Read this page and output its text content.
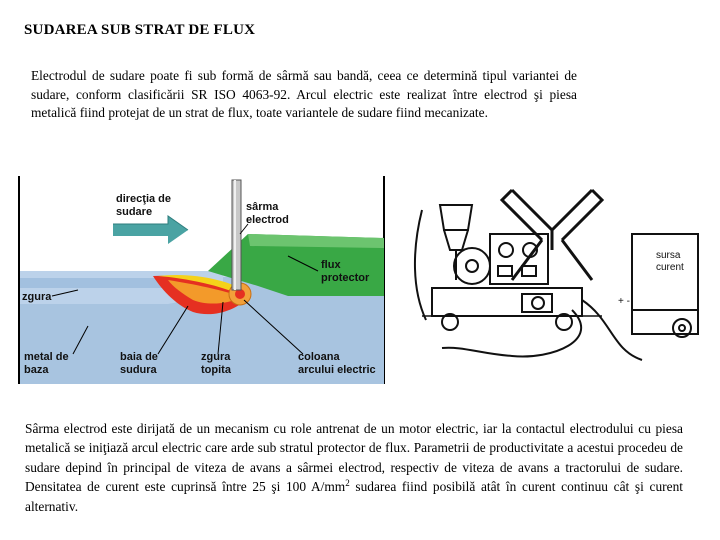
SUDAREA SUB STRAT DE FLUX
Electrodul de sudare poate fi sub formă de sârmă sau bandă, ceea ce determină tipul variantei de sudare, conform clasificării SR ISO 4063-92. Arcul electric este realizat între electrod şi piesa metalică fiind protejat de un strat de flux, toate variantele de sudare fiind mecanizate.
direcţia de
sudare	sârma
electrod
flux
protector
zgura
metal de
baza
baia de
sudura
zgura
topita
coloana
arcului electric
sursa
curent
+ -
Sârma electrod este dirijată de un mecanism cu role antrenat de un motor electric, iar la contactul electrodului cu piesa metalică se iniţiază arcul electric care arde sub stratul protector de flux. Parametrii de productivitate a acestui procedeu de sudare depind în principal de viteza de avans a sârmei electrod, respectiv de viteza de avans a tractorului de sudare. Densitatea de curent este cuprinsă între 25 şi 100 $A/mm^2$ sudarea fiind posibilă atât în curent continuu cât şi curent alternativ.
